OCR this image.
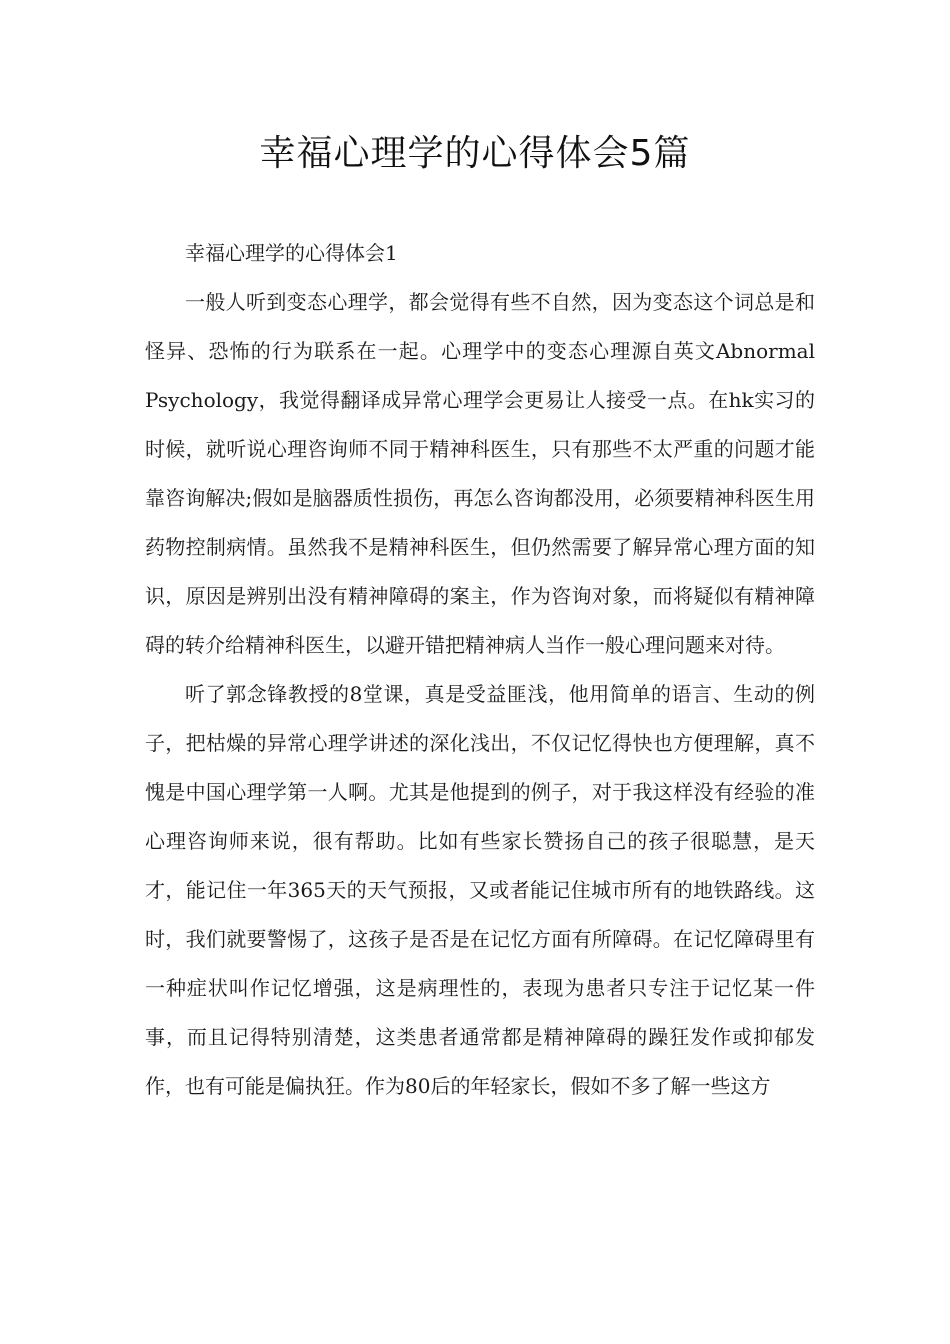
幸福心理学的心得体会5篇

幸福心理学的心得体会1

一般人听到变态心理学，都会觉得有些不自然，因为变态这个词总是和怪异、恐怖的行为联系在一起。心理学中的变态心理源自英文Abnormal Psychology，我觉得翻译成异常心理学会更易让人接受一点。在hk实习的时候，就听说心理咨询师不同于精神科医生，只有那些不太严重的问题才能靠咨询解决;假如是脑器质性损伤，再怎么咨询都没用，必须要精神科医生用药物控制病情。虽然我不是精神科医生，但仍然需要了解异常心理方面的知识，原因是辨别出没有精神障碍的案主，作为咨询对象，而将疑似有精神障碍的转介给精神科医生，以避开错把精神病人当作一般心理问题来对待。

听了郭念锋教授的8堂课，真是受益匪浅，他用简单的语言、生动的例子，把枯燥的异常心理学讲述的深化浅出，不仅记忆得快也方便理解，真不愧是中国心理学第一人啊。尤其是他提到的例子，对于我这样没有经验的准心理咨询师来说，很有帮助。比如有些家长赞扬自己的孩子很聪慧，是天才，能记住一年365天的天气预报，又或者能记住城市所有的地铁路线。这时，我们就要警惕了，这孩子是否是在记忆方面有所障碍。在记忆障碍里有一种症状叫作记忆增强，这是病理性的，表现为患者只专注于记忆某一件事，而且记得特别清楚，这类患者通常都是精神障碍的躁狂发作或抑郁发作，也有可能是偏执狂。作为80后的年轻家长，假如不多了解一些这方
